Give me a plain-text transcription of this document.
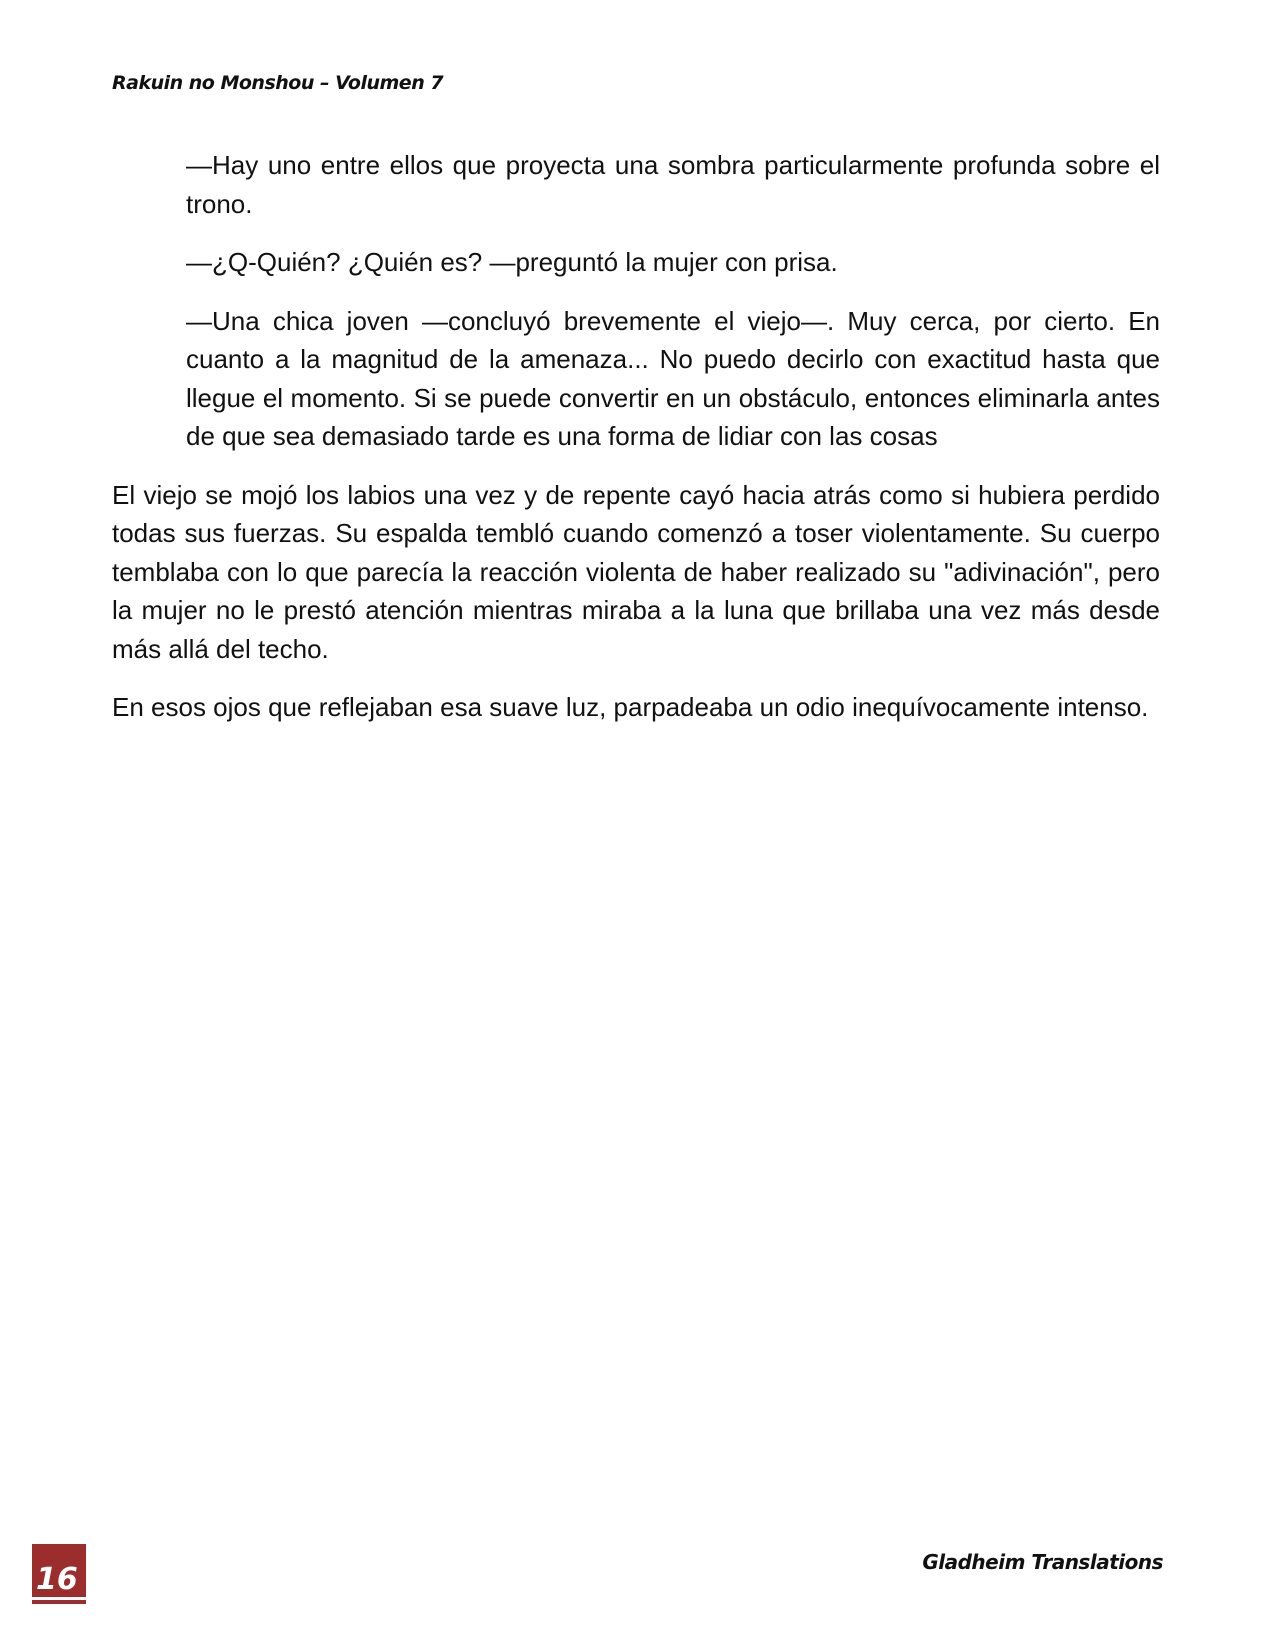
Rakuin no Monshou – Volumen 7

—Hay uno entre ellos que proyecta una sombra particularmente profunda sobre el trono.

—¿Q-Quién? ¿Quién es? —preguntó la mujer con prisa.

—Una chica joven —concluyó brevemente el viejo—. Muy cerca, por cierto. En cuanto a la magnitud de la amenaza... No puedo decirlo con exactitud hasta que llegue el momento. Si se puede convertir en un obstáculo, entonces eliminarla antes de que sea demasiado tarde es una forma de lidiar con las cosas

El viejo se mojó los labios una vez y de repente cayó hacia atrás como si hubiera perdido todas sus fuerzas. Su espalda tembló cuando comenzó a toser violentamente. Su cuerpo temblaba con lo que parecía la reacción violenta de haber realizado su "adivinación", pero la mujer no le prestó atención mientras miraba a la luna que brillaba una vez más desde más allá del techo.

En esos ojos que reflejaban esa suave luz, parpadeaba un odio inequívocamente intenso.

16	Gladheim Translations
